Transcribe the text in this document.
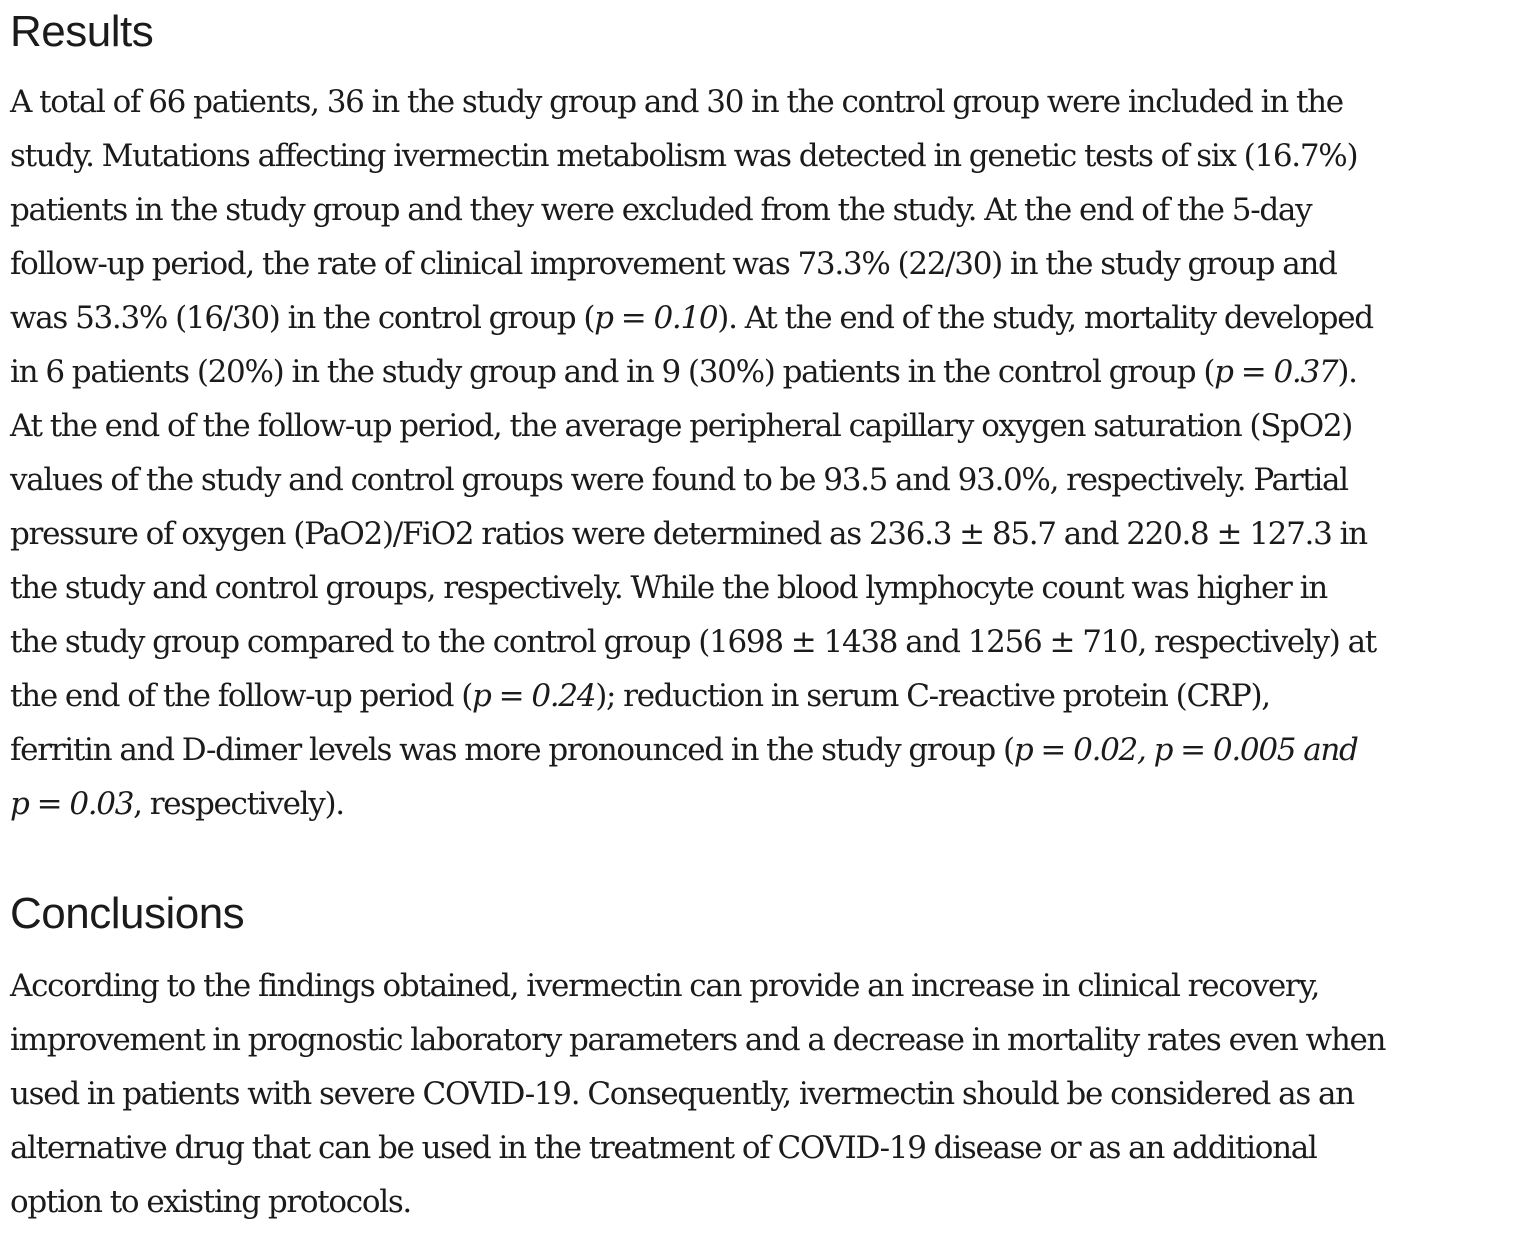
Results

A total of 66 patients, 36 in the study group and 30 in the control group were included in the
study. Mutations affecting ivermectin metabolism was detected in genetic tests of six (16.7%)
patients in the study group and they were excluded from the study. At the end of the 5-day
follow-up period, the rate of clinical improvement was 73.3% (22/30) in the study group and
was 53.3% (16/30) in the control group (p = 0.10). At the end of the study, mortality developed
in 6 patients (20%) in the study group and in 9 (30%) patients in the control group (p = 0.37).
At the end of the follow-up period, the average peripheral capillary oxygen saturation (SpO2)
values of the study and control groups were found to be 93.5 and 93.0%, respectively. Partial
pressure of oxygen (PaO2)/FiO2 ratios were determined as 236.3 ± 85.7 and 220.8 ± 127.3 in
the study and control groups, respectively. While the blood lymphocyte count was higher in
the study group compared to the control group (1698 ± 1438 and 1256 ± 710, respectively) at
the end of the follow-up period (p = 0.24); reduction in serum C-reactive protein (CRP),
ferritin and D-dimer levels was more pronounced in the study group (p = 0.02, p = 0.005 and
p = 0.03, respectively).

Conclusions

According to the findings obtained, ivermectin can provide an increase in clinical recovery,
improvement in prognostic laboratory parameters and a decrease in mortality rates even when
used in patients with severe COVID-19. Consequently, ivermectin should be considered as an
alternative drug that can be used in the treatment of COVID-19 disease or as an additional
option to existing protocols.
